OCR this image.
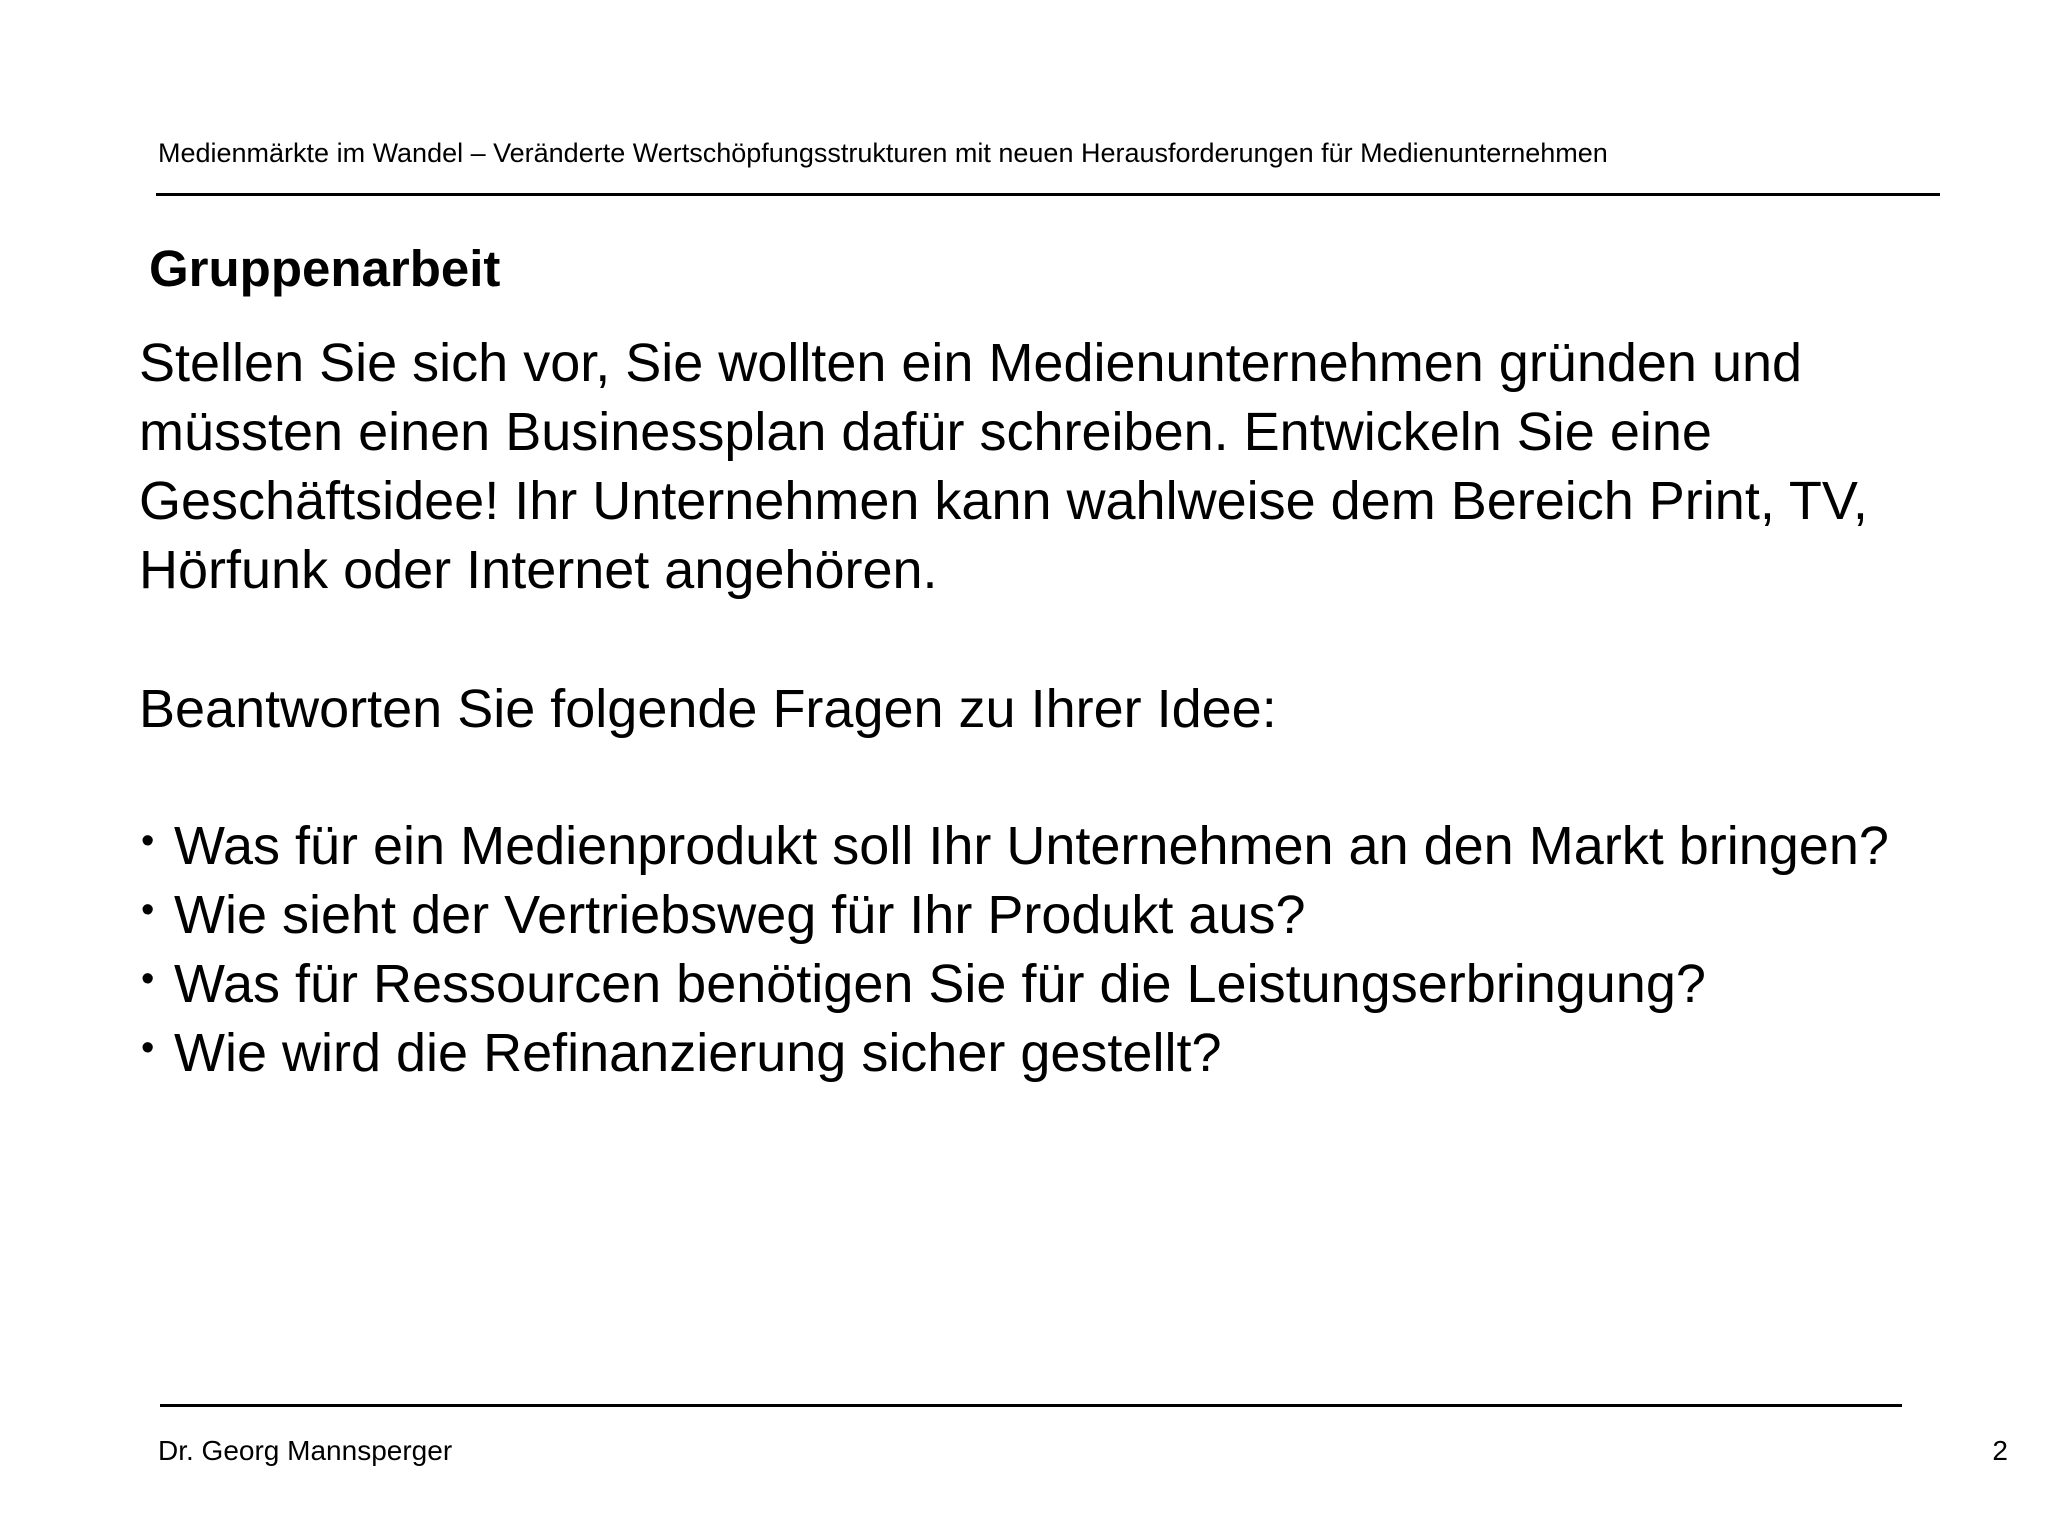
Medienmärkte im Wandel – Veränderte Wertschöpfungsstrukturen mit neuen Herausforderungen für Medienunternehmen
Gruppenarbeit
Stellen Sie sich vor, Sie wollten ein Medienunternehmen gründen und
müssten einen Businessplan dafür schreiben. Entwickeln Sie eine
Geschäftsidee! Ihr Unternehmen kann wahlweise dem Bereich Print, TV,
Hörfunk oder Internet angehören.
Beantworten Sie folgende Fragen zu Ihrer Idee:
• Was für ein Medienprodukt soll Ihr Unternehmen an den Markt bringen?
• Wie sieht der Vertriebsweg für Ihr Produkt aus?
• Was für Ressourcen benötigen Sie für die Leistungserbringung?
• Wie wird die Refinanzierung sicher gestellt?
Dr. Georg Mannsperger	2
